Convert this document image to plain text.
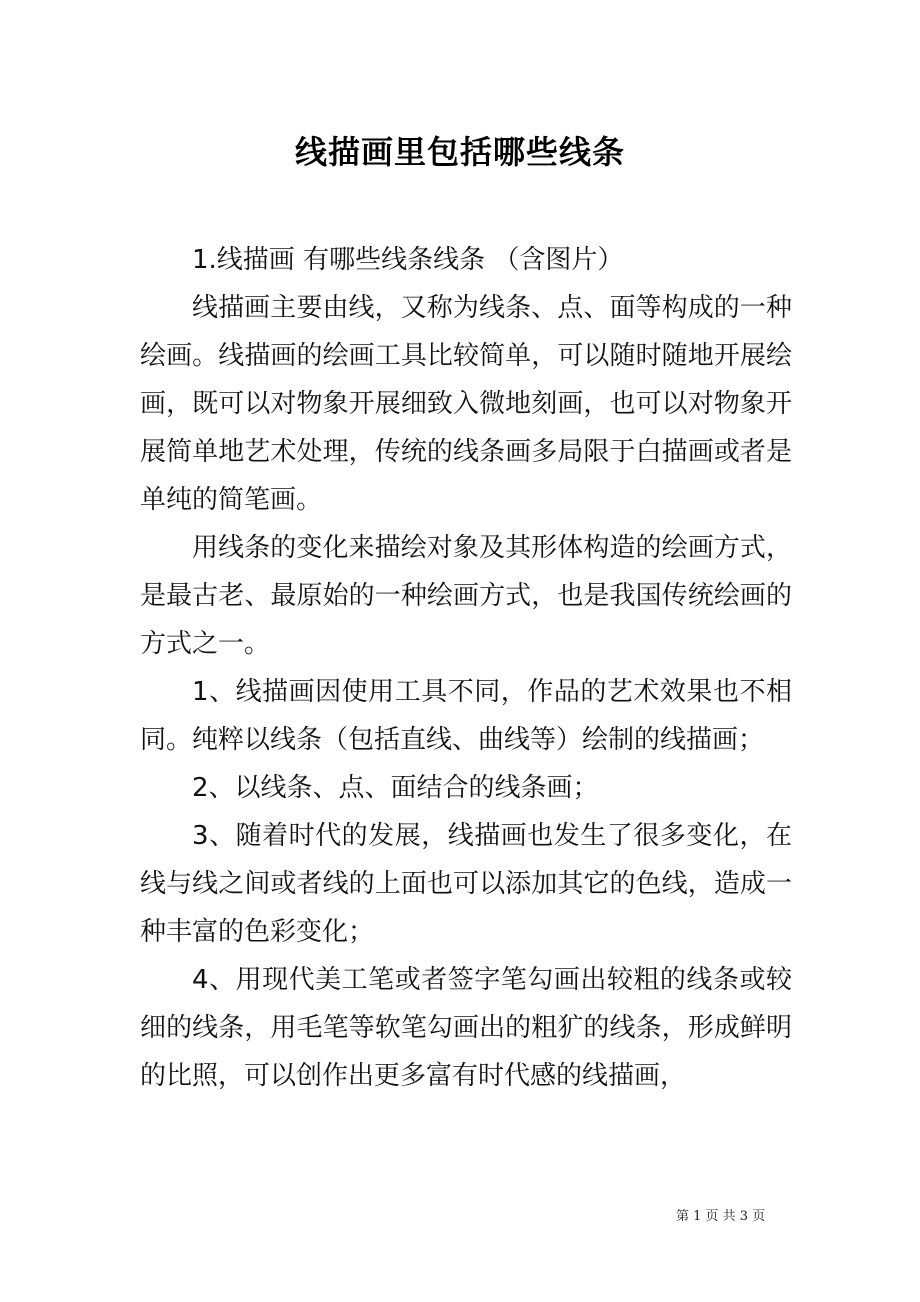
线描画里包括哪些线条

1.线描画 有哪些线条线条 （含图片）

线描画主要由线，又称为线条、点、面等构成的一种绘画。线描画的绘画工具比较简单，可以随时随地开展绘画，既可以对物象开展细致入微地刻画，也可以对物象开展简单地艺术处理，传统的线条画多局限于白描画或者是单纯的简笔画。

用线条的变化来描绘对象及其形体构造的绘画方式，是最古老、最原始的一种绘画方式，也是我国传统绘画的方式之一。

1、线描画因使用工具不同，作品的艺术效果也不相同。纯粹以线条（包括直线、曲线等）绘制的线描画；

2、以线条、点、面结合的线条画；

3、随着时代的发展，线描画也发生了很多变化，在线与线之间或者线的上面也可以添加其它的色线，造成一种丰富的色彩变化；

4、用现代美工笔或者签字笔勾画出较粗的线条或较细的线条，用毛笔等软笔勾画出的粗犷的线条，形成鲜明的比照，可以创作出更多富有时代感的线描画，

第 1 页 共 3 页
